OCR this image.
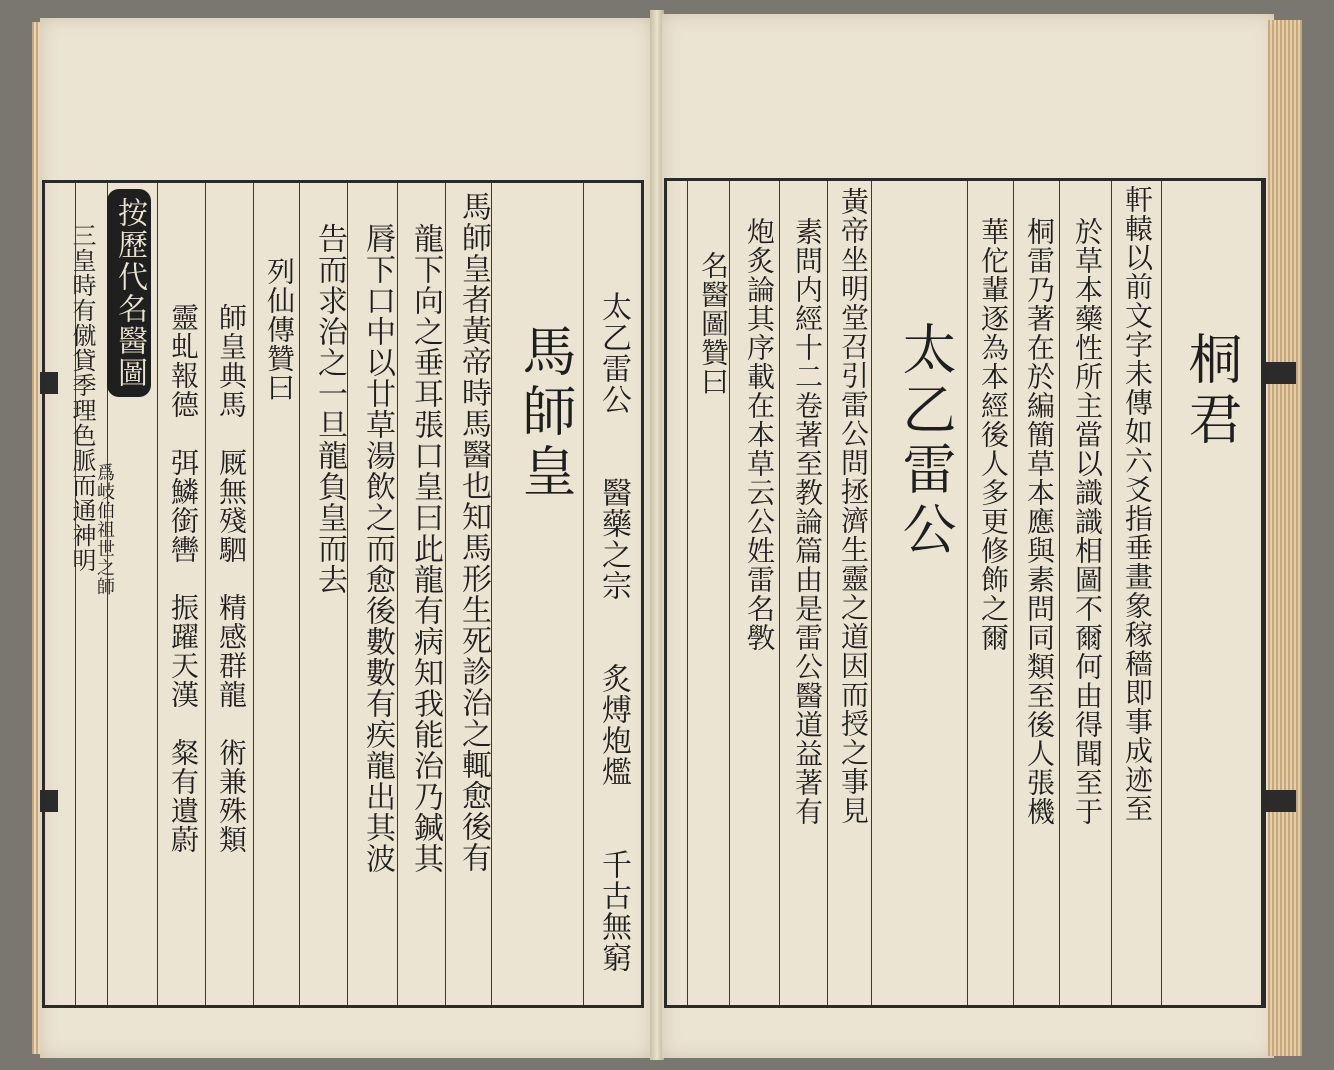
太乙雷公　　醫藥之宗　　炙煿炮爁　　千古無窮
馬師皇
馬師皇者黃帝時馬醫也知馬形生死診治之輒愈後有
龍下向之垂耳張口皇曰此龍有病知我能治乃鍼其
脣下口中以廿草湯飲之而愈後數數有疾龍出其波
告而求治之一旦龍負皇而去
列仙傳贊曰
師皇典馬　厩無殘駟　精感群龍　術兼殊類
靈虬報德　弭鱗銜轡　振躍天漢　粲有遺蔚
三皇時有僦貸季理色脈而通神明
爲岐伯祖世之師
按歷代名醫圖
桐君
軒轅以前文字未傳如六爻指垂畫象稼穡即事成迹至
於草本藥性所主當以識識相圖不爾何由得聞至于
桐雷乃著在於編簡草本應與素問同類至後人張機
華佗輩逐為本經後人多更修飾之爾
太乙雷公
黃帝坐明堂召引雷公問拯濟生靈之道因而授之事見
素問内經十二卷著至教論篇由是雷公醫道益著有
炮炙論其序載在本草云公姓雷名斆
名醫圖贊曰
